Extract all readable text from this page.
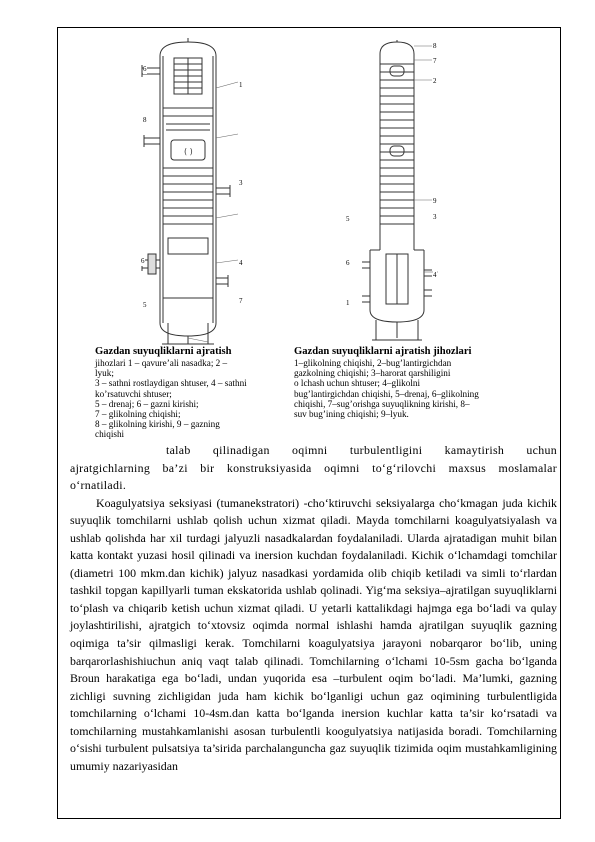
( )
6
1
8
3
6	4
5	7
8
7
2
9
3
5
6
4
1
Gazdan suyuqliklarni ajratish
jihozlari 1 – qavure’ali nasadka; 2 –
lyuk;
3 – sathni rostlaydigan shtuser, 4 – sathni
ko’rsatuvchi shtuser;
5 – drenaj; 6 – gazni kirishi;
7 – glikolning chiqishi;
8 – glikolning kirishi, 9 – gazning
chiqishi
Gazdan suyuqliklarni ajratish jihozlari
1–glikolning chiqishi, 2–bug’lantirgichdan
gazkolning chiqishi; 3–harorat qarshiligini
o lchash uchun shtuser; 4–glikolni
bug’lantirgichdan chiqishi, 5–drenaj, 6–glikolning
chiqishi, 7–sug’orishga suyuqlikning kirishi, 8–
suv bug’ining chiqishi; 9–lyuk.

talab qilinadigan oqimni turbulentligini kamaytirish uchun ajratgichlarning ba’zi bir konstruksiyasida oqimni to‘g‘rilovchi maxsus moslamalar o‘rnatiladi.

Koagulyatsiya seksiyasi (tumanekstratori) -cho‘ktiruvchi seksiyalarga cho‘kmagan juda kichik suyuqlik tomchilarni ushlab qolish uchun xizmat qiladi. Mayda tomchilarni koagulyatsiyalash va ushlab qolishda har xil turdagi jalyuzli nasadkalardan foydalaniladi. Ularda ajratadigan muhit bilan katta kontakt yuzasi hosil qilinadi va inersion kuchdan foydalaniladi. Kichik o‘lchamdagi tomchilar (diametri 100 mkm.dan kichik) jalyuz nasadkasi yordamida olib chiqib ketiladi va simli to‘rlardan tashkil topgan kapillyarli tuman ekskatorida ushlab qolinadi. Yig‘ma seksiya–ajratilgan suyuqliklarni to‘plash va chiqarib ketish uchun xizmat qiladi. U yetarli kattalikdagi hajmga ega bo‘ladi va qulay joylashtirilishi, ajratgich to‘xtovsiz oqimda normal ishlashi hamda ajratilgan suyuqlik gazning oqimiga ta’sir qilmasligi kerak. Tomchilarni koagulyatsiya jarayoni nobarqaror bo‘lib, uning barqarorlashishiuchun aniq vaqt talab qilinadi. Tomchilarning o‘lchami 10-5sm gacha bo‘lganda Broun harakatiga ega bo‘ladi, undan yuqorida esa –turbulent oqim bo‘ladi. Ma’lumki, gazning zichligi suvning zichligidan juda ham kichik bo‘lganligi uchun gaz oqimining turbulentligida tomchilarning o‘lchami 10-4sm.dan katta bo‘lganda inersion kuchlar katta ta’sir ko‘rsatadi va tomchilarning mustahkamlanishi asosan turbulentli koogulyatsiya natijasida boradi. Tomchilarning o‘sishi turbulent pulsatsiya ta’sirida parchalanguncha gaz suyuqlik tizimida oqim mustahkamligining umumiy nazariyasidan
